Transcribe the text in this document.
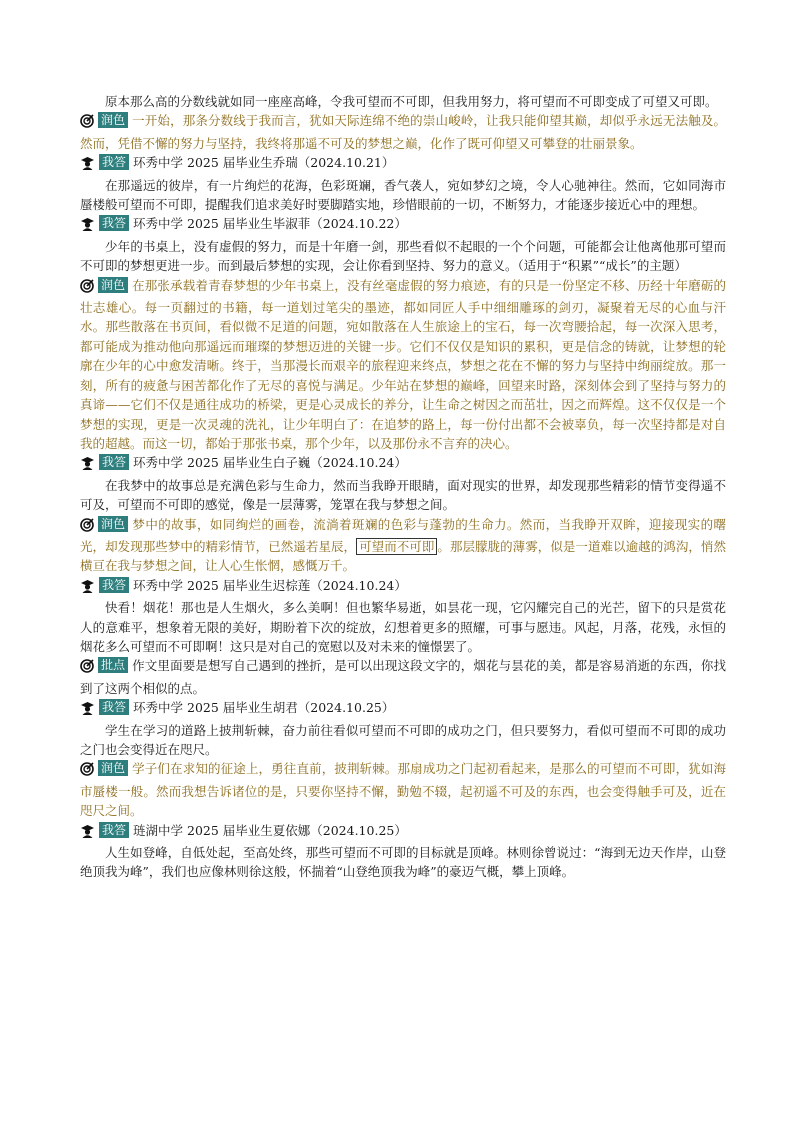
原本那么高的分数线就如同一座座高峰，令我可望而不可即，但我用努力，将可望而不可即变成了可望又可即。

润色 一开始，那条分数线于我而言，犹如天际连绵不绝的崇山峻岭，让我只能仰望其巅，却似乎永远无法触及。然而，凭借不懈的努力与坚持，我终将那遥不可及的梦想之巅，化作了既可仰望又可攀登的壮丽景象。

我答 环秀中学 2025 届毕业生乔瑞（2024.10.21）

在那遥远的彼岸，有一片绚烂的花海，色彩斑斓，香气袭人，宛如梦幻之境，令人心驰神往。然而，它如同海市蜃楼般可望而不可即，提醒我们追求美好时要脚踏实地，珍惜眼前的一切，不断努力，才能逐步接近心中的理想。

我答 环秀中学 2025 届毕业生毕淑菲（2024.10.22）

少年的书桌上，没有虚假的努力，而是十年磨一剑，那些看似不起眼的一个个问题，可能都会让他离他那可望而不可即的梦想更进一步。而到最后梦想的实现，会让你看到坚持、努力的意义。（适用于“积累”“成长”的主题）

润色 在那张承载着青春梦想的少年书桌上，没有丝毫虚假的努力痕迹，有的只是一份坚定不移、历经十年磨砺的壮志雄心。每一页翻过的书籍，每一道划过笔尖的墨迹，都如同匠人手中细细雕琢的剑刃，凝聚着无尽的心血与汗水。那些散落在书页间，看似微不足道的问题，宛如散落在人生旅途上的宝石，每一次弯腰拾起，每一次深入思考，都可能成为推动他向那遥远而璀璨的梦想迈进的关键一步。它们不仅仅是知识的累积，更是信念的铸就，让梦想的轮廓在少年的心中愈发清晰。终于，当那漫长而艰辛的旅程迎来终点，梦想之花在不懈的努力与坚持中绚丽绽放。那一刻，所有的疲惫与困苦都化作了无尽的喜悦与满足。少年站在梦想的巅峰，回望来时路，深刻体会到了坚持与努力的真谛——它们不仅是通往成功的桥梁，更是心灵成长的养分，让生命之树因之而茁壮，因之而辉煌。这不仅仅是一个梦想的实现，更是一次灵魂的洗礼，让少年明白了：在追梦的路上，每一份付出都不会被辜负，每一次坚持都是对自我的超越。而这一切，都始于那张书桌，那个少年，以及那份永不言弃的决心。

我答 环秀中学 2025 届毕业生白子巍（2024.10.24）

在我梦中的故事总是充满色彩与生命力，然而当我睁开眼睛，面对现实的世界，却发现那些精彩的情节变得遥不可及，可望而不可即的感觉，像是一层薄雾，笼罩在我与梦想之间。

润色 梦中的故事，如同绚烂的画卷，流淌着斑斓的色彩与蓬勃的生命力。然而，当我睁开双眸，迎接现实的曙光，却发现那些梦中的精彩情节，已然遥若星辰， 可望而不可即 。那层朦胧的薄雾，似是一道难以逾越的鸿沟，悄然横亘在我与梦想之间，让人心生怅惘，感慨万千。

我答 环秀中学 2025 届毕业生迟棕莲（2024.10.24）

快看！烟花！那也是人生烟火，多么美啊！但也繁华易逝，如昙花一现，它闪耀完自己的光芒，留下的只是赏花人的意难平，想象着无限的美好，期盼着下次的绽放，幻想着更多的照耀，可事与愿违。风起，月落，花残，永恒的烟花多么可望而不可即啊！这只是对自己的宽慰以及对未来的憧憬罢了。

批点 作文里面要是想写自己遇到的挫折，是可以出现这段文字的，烟花与昙花的美，都是容易消逝的东西，你找到了这两个相似的点。

我答 环秀中学 2025 届毕业生胡君（2024.10.25）

学生在学习的道路上披荆斩棘，奋力前往看似可望而不可即的成功之门，但只要努力，看似可望而不可即的成功之门也会变得近在咫尺。

润色 学子们在求知的征途上，勇往直前，披荆斩棘。那扇成功之门起初看起来，是那么的可望而不可即，犹如海市蜃楼一般。然而我想告诉诸位的是，只要你坚持不懈，勤勉不辍，起初遥不可及的东西，也会变得触手可及，近在咫尺之间。

我答 琏湖中学 2025 届毕业生夏依娜（2024.10.25）

人生如登峰，自低处起，至高处终，那些可望而不可即的目标就是顶峰。林则徐曾说过：“海到无边天作岸，山登绝顶我为峰”，我们也应像林则徐这般，怀揣着“山登绝顶我为峰”的豪迈气概，攀上顶峰。
